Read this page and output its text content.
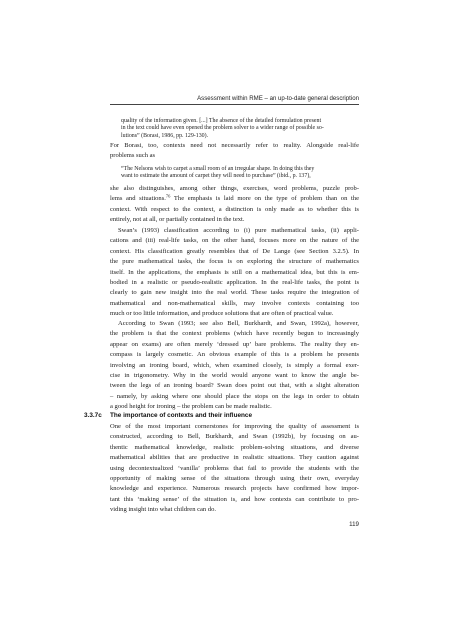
Assessment within RME – an up-to-date general description
quality of the information given. [...] The absence of the detailed formulation present
in the text could have even opened the problem solver to a wider range of possible so-
lutions” (Borasi, 1986, pp. 129-130).
For Borasi, too, contexts need not necessarily refer to reality. Alongside real-life
problems such as
“The Nelsons wish to carpet a small room of an irregular shape. In doing this they
want to estimate the amount of carpet they will need to purchase” (ibid., p. 137),
she also distinguishes, among other things, exercises, word problems, puzzle prob-
lems and situations.$^{76}$ The emphasis is laid more on the type of problem than on the
context. With respect to the context, a distinction is only made as to whether this is
entirely, not at all, or partially contained in the text.
Swan’s (1993) classification according to (i) pure mathematical tasks, (ii) appli-
cations and (iii) real-life tasks, on the other hand, focuses more on the nature of the
context. His classification greatly resembles that of De Lange (see Section 3.2.5). In
the pure mathematical tasks, the focus is on exploring the structure of mathematics
itself. In the applications, the emphasis is still on a mathematical idea, but this is em-
bodied in a realistic or pseudo-realistic application. In the real-life tasks, the point is
clearly to gain new insight into the real world. These tasks require the integration of
mathematical and non-mathematical skills, may involve contexts containing too
much or too little information, and produce solutions that are often of practical value.
According to Swan (1993; see also Bell, Burkhardt, and Swan, 1992a), however,
the problem is that the context problems (which have recently begun to increasingly
appear on exams) are often merely ‘dressed up’ bare problems. The reality they en-
compass is largely cosmetic. An obvious example of this is a problem he presents
involving an ironing board, which, when examined closely, is simply a formal exer-
cise in trigonometry. Why in the world would anyone want to know the angle be-
tween the legs of an ironing board? Swan does point out that, with a slight alteration
– namely, by asking where one should place the stops on the legs in order to obtain
a good height for ironing – the problem can be made realistic.
3.3.7c The importance of contexts and their influence
One of the most important cornerstones for improving the quality of assessment is
constructed, according to Bell, Burkhardt, and Swan (1992b), by focusing on au-
thentic mathematical knowledge, realistic problem-solving situations, and diverse
mathematical abilities that are productive in realistic situations. They caution against
using decontextualized ‘vanilla’ problems that fail to provide the students with the
opportunity of making sense of the situations through using their own, everyday
knowledge and experience. Numerous research projects have confirmed how impor-
tant this ‘making sense’ of the situation is, and how contexts can contribute to pro-
viding insight into what children can do.
119
